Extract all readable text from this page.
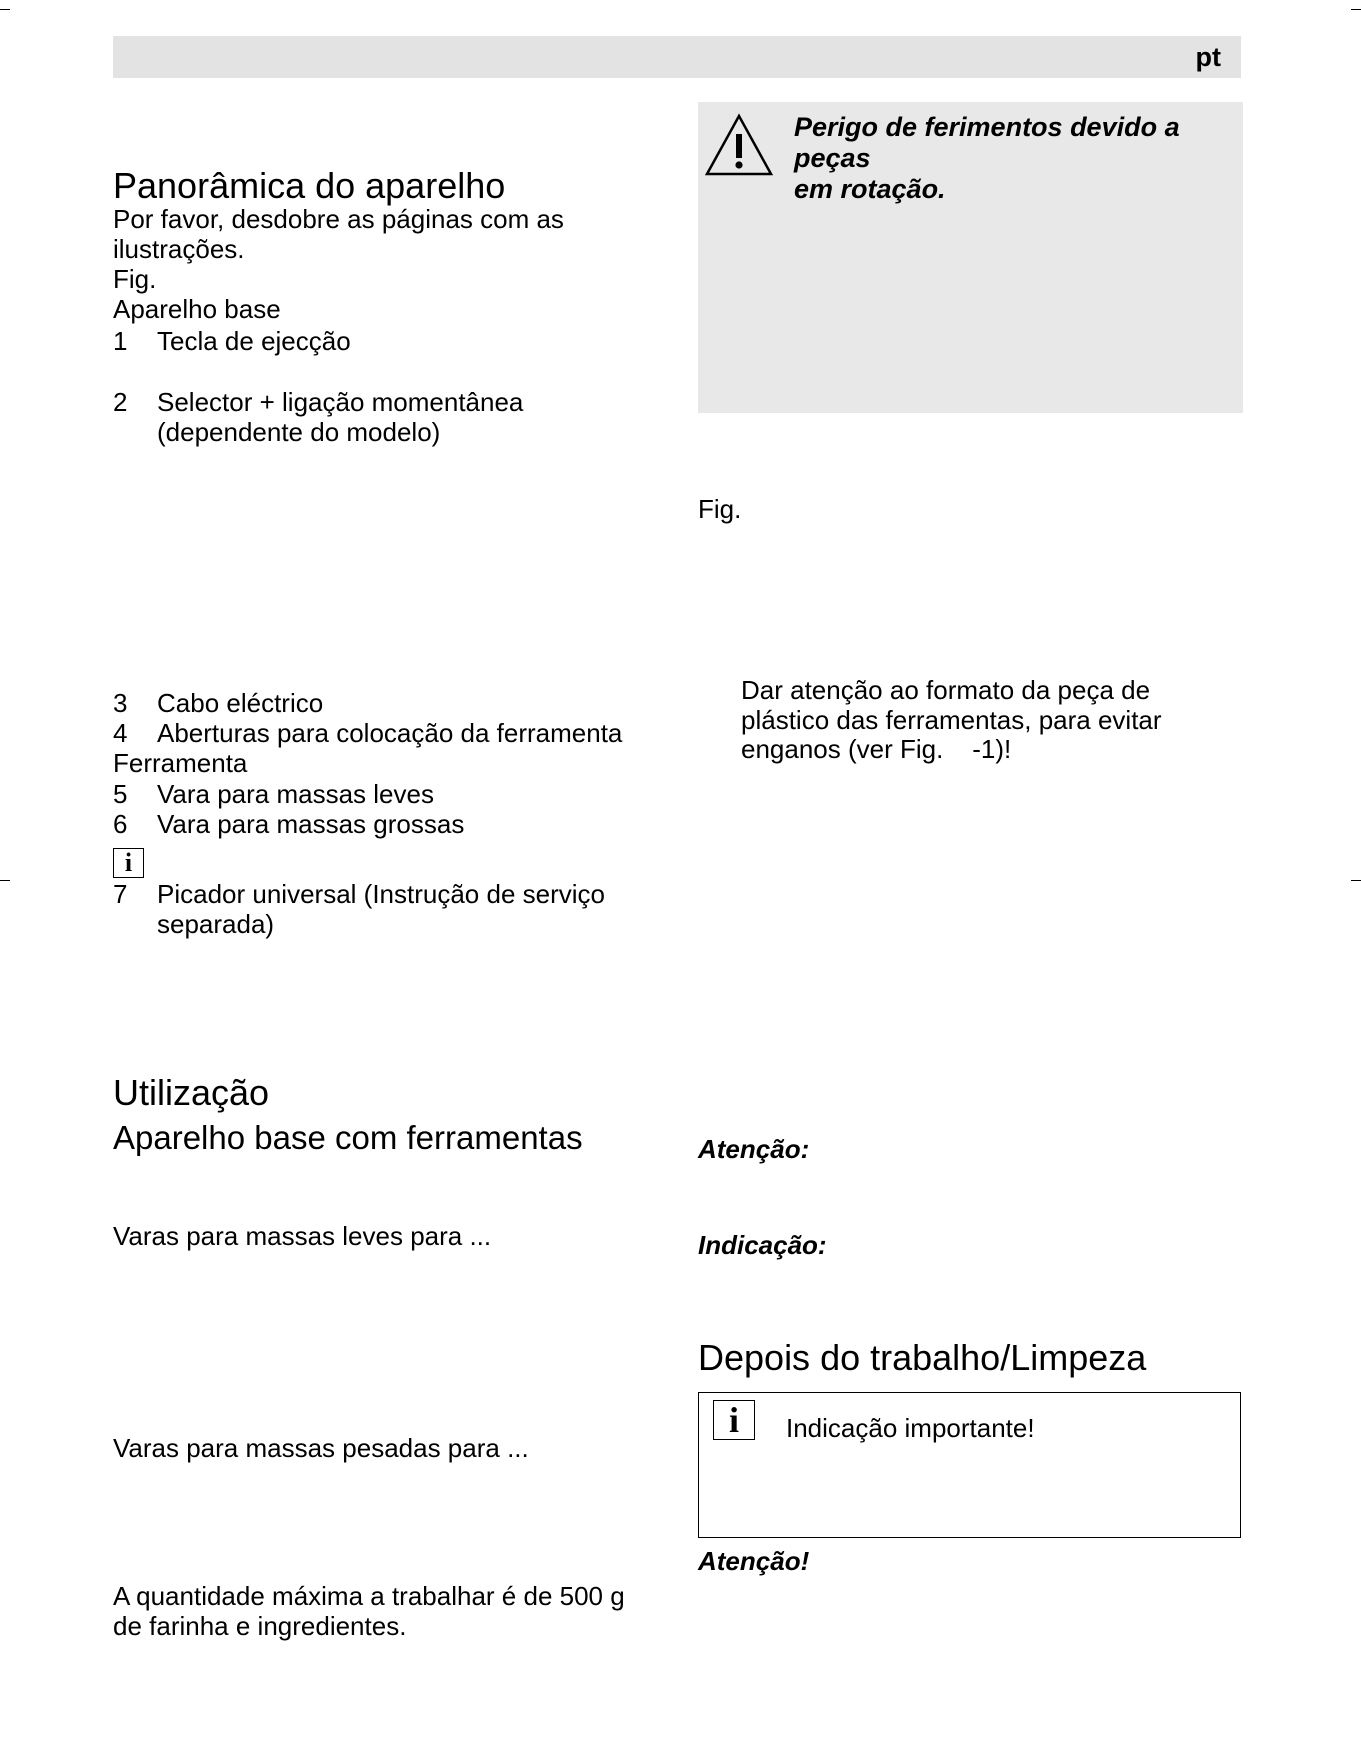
pt
Panorâmica do aparelho
Por favor, desdobre as páginas com as
ilustrações.
Fig.
Aparelho base
1 Tecla de ejecção
2 Selector + ligação momentânea
(dependente do modelo)
3 Cabo eléctrico
4 Aberturas para colocação da ferramenta
Ferramenta
5 Vara para massas leves
6 Vara para massas grossas
i
7 Picador universal (Instrução de serviço
separada)
Utilização
Aparelho base com ferramentas
Varas para massas leves para ...
Varas para massas pesadas para ...
A quantidade máxima a trabalhar é de 500 g
de farinha e ingredientes.
Perigo de ferimentos devido a peças
em rotação.
Fig.
Dar atenção ao formato da peça de
plástico das ferramentas, para evitar
enganos (ver Fig.    -1)!
Atenção:
Indicação:
Depois do trabalho/Limpeza
i	Indicação importante!
Atenção!
